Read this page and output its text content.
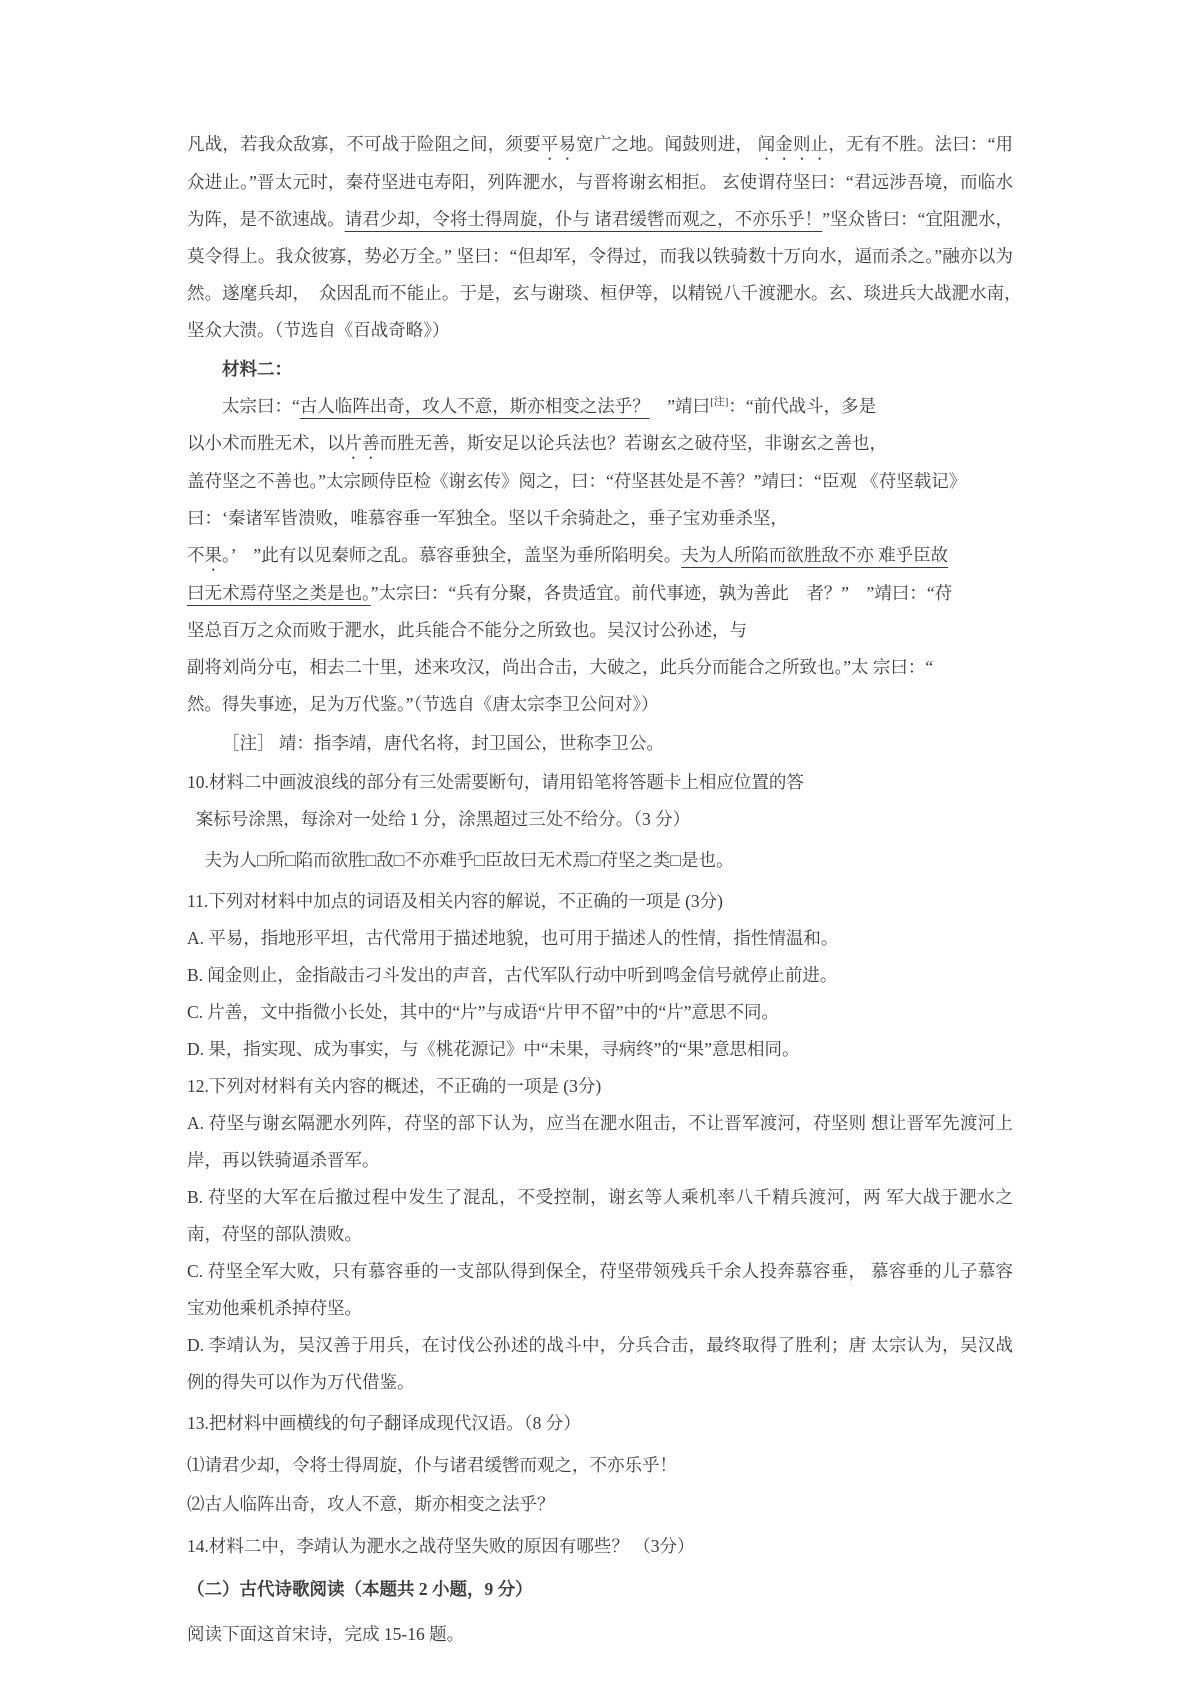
凡战，若我众敌寡，不可战于险阻之间，须要平易宽广之地。闻鼓则进， 闻金则止，无有不胜。法曰：“用众进止。”晋太元时，秦苻坚进屯寿阳，列阵淝水，与晋将谢玄相拒。 玄使谓苻坚曰：“君远涉吾境，而临水为阵，是不欲速战。请君少却，令将士得周旋，仆与 诸君缓辔而观之，不亦乐乎！”坚众皆曰：“宜阻淝水，莫令得上。我众彼寡，势必万全。” 坚曰：“但却军，令得过，而我以铁骑数十万向水，逼而杀之。”融亦以为然。遂麾兵却，　众因乱而不能止。于是，玄与谢琰、桓伊等，以精锐八千渡淝水。玄、琰进兵大战淝水南，　坚众大溃。（节选自《百战奇略》）

材料二：

太宗曰：“古人临阵出奇，攻人不意，斯亦相变之法乎？　”靖曰[注]：“前代战斗，多是

以小术而胜无术，以片善而胜无善，斯安足以论兵法也？若谢玄之破苻坚，非谢玄之善也，

盖苻坚之不善也。”太宗顾侍臣检《谢玄传》阅之，曰：“苻坚甚处是不善？”靖曰：“臣观 《苻坚载记》

曰：‘秦诸军皆溃败，唯慕容垂一军独全。坚以千余骑赴之，垂子宝劝垂杀坚，

不果。’　”此有以见秦师之乱。慕容垂独全，盖坚为垂所陷明矣。夫为人所陷而欲胜敌不亦 难乎臣故

曰无术焉苻坚之类是也。”太宗曰：“兵有分聚，各贵适宜。前代事迹，孰为善此　者？”　”靖曰：“苻

坚总百万之众而败于淝水，此兵能合不能分之所致也。吴汉讨公孙述，与

副将刘尚分屯，相去二十里，述来攻汉，尚出合击，大破之，此兵分而能合之所致也。”太 宗曰：“

然。得失事迹，足为万代鉴。”（节选自《唐太宗李卫公问对》）

［注］ 靖：指李靖，唐代名将，封卫国公，世称李卫公。

10.材料二中画波浪线的部分有三处需要断句，请用铅笔将答题卡上相应位置的答

案标号涂黑，每涂对一处给 1 分，涂黑超过三处不给分。（3 分）

夫为人□所□陷而欲胜□敌□不亦难乎□臣故曰无术焉□苻坚之类□是也。

11.下列对材料中加点的词语及相关内容的解说，不正确的一项是 (3分)

A. 平易，指地形平坦，古代常用于描述地貌，也可用于描述人的性情，指性情温和。

B. 闻金则止，金指敲击刁斗发出的声音，古代军队行动中听到鸣金信号就停止前进。

C. 片善，文中指微小长处，其中的“片”与成语“片甲不留”中的“片”意思不同。

D. 果，指实现、成为事实，与《桃花源记》中“未果，寻病终”的“果”意思相同。

12.下列对材料有关内容的概述，不正确的一项是 (3分)

A. 苻坚与谢玄隔淝水列阵，苻坚的部下认为，应当在淝水阻击，不让晋军渡河，苻坚则 想让晋军先渡河上岸，再以铁骑逼杀晋军。

B. 苻坚的大军在后撤过程中发生了混乱，不受控制，谢玄等人乘机率八千精兵渡河，两 军大战于淝水之南，苻坚的部队溃败。

C. 苻坚全军大败，只有慕容垂的一支部队得到保全，苻坚带领残兵千余人投奔慕容垂， 慕容垂的儿子慕容宝劝他乘机杀掉苻坚。

D. 李靖认为，吴汉善于用兵，在讨伐公孙述的战斗中，分兵合击，最终取得了胜利；唐 太宗认为，吴汉战例的得失可以作为万代借鉴。

13.把材料中画横线的句子翻译成现代汉语。（8 分）

⑴请君少却，令将士得周旋，仆与诸君缓辔而观之，不亦乐乎！

⑵古人临阵出奇，攻人不意，斯亦相变之法乎？

14.材料二中，李靖认为淝水之战苻坚失败的原因有哪些？ （3分）

（二）古代诗歌阅读（本题共 2 小题，9 分）

阅读下面这首宋诗，完成 15-16 题。
